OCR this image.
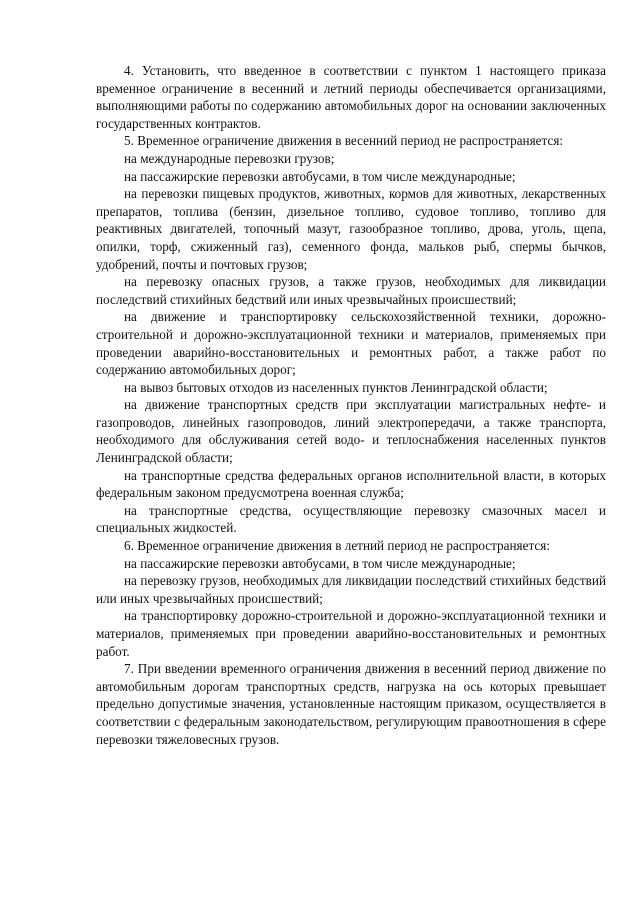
4. Установить, что введенное в соответствии с пунктом 1 настоящего приказа временное ограничение в весенний и летний периоды обеспечивается организациями, выполняющими работы по содержанию автомобильных дорог на основании заключенных государственных контрактов.

5. Временное ограничение движения в весенний период не распространяется:

на международные перевозки грузов;

на пассажирские перевозки автобусами, в том числе международные;

на перевозки пищевых продуктов, животных, кормов для животных, лекарственных препаратов, топлива (бензин, дизельное топливо, судовое топливо, топливо для реактивных двигателей, топочный мазут, газообразное топливо, дрова, уголь, щепа, опилки, торф, сжиженный газ), семенного фонда, мальков рыб, спермы бычков, удобрений, почты и почтовых грузов;

на перевозку опасных грузов, а также грузов, необходимых для ликвидации последствий стихийных бедствий или иных чрезвычайных происшествий;

на движение и транспортировку сельскохозяйственной техники, дорожно-строительной и дорожно-эксплуатационной техники и материалов, применяемых при проведении аварийно-восстановительных и ремонтных работ, а также работ по содержанию автомобильных дорог;

на вывоз бытовых отходов из населенных пунктов Ленинградской области;

на движение транспортных средств при эксплуатации магистральных нефте- и газопроводов, линейных газопроводов, линий электропередачи, а также транспорта, необходимого для обслуживания сетей водо- и теплоснабжения населенных пунктов Ленинградской области;

на транспортные средства федеральных органов исполнительной власти, в которых федеральным законом предусмотрена военная служба;

на транспортные средства, осуществляющие перевозку смазочных масел и специальных жидкостей.

6. Временное ограничение движения в летний период не распространяется:

на пассажирские перевозки автобусами, в том числе международные;

на перевозку грузов, необходимых для ликвидации последствий стихийных бедствий или иных чрезвычайных происшествий;

на транспортировку дорожно-строительной и дорожно-эксплуатационной техники и материалов, применяемых при проведении аварийно-восстановительных и ремонтных работ.

7. При введении временного ограничения движения в весенний период движение по автомобильным дорогам транспортных средств, нагрузка на ось которых превышает предельно допустимые значения, установленные настоящим приказом, осуществляется в соответствии с федеральным законодательством, регулирующим правоотношения в сфере перевозки тяжеловесных грузов.
